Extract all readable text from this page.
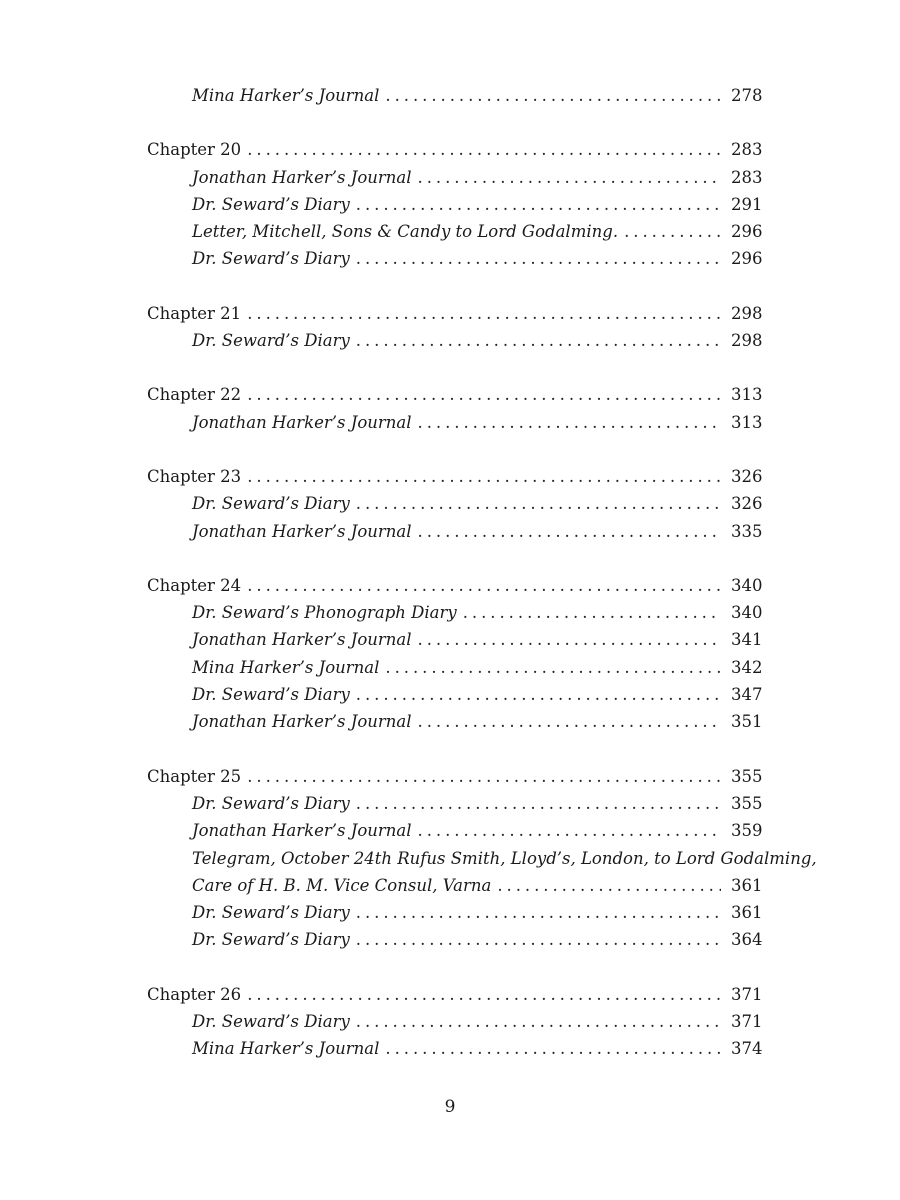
Mina Harker’s Journal . . .	278
Chapter 20 . . .	283
Jonathan Harker’s Journal . . .	283
Dr. Seward’s Diary . . .	291
Letter, Mitchell, Sons & Candy to Lord Godalming. . . .	296
Dr. Seward’s Diary . . .	296
Chapter 21 . . .	298
Dr. Seward’s Diary . . .	298
Chapter 22 . . .	313
Jonathan Harker’s Journal . . .	313
Chapter 23 . . .	326
Dr. Seward’s Diary . . .	326
Jonathan Harker’s Journal . . .	335
Chapter 24 . . .	340
Dr. Seward’s Phonograph Diary . . .	340
Jonathan Harker’s Journal . . .	341
Mina Harker’s Journal . . .	342
Dr. Seward’s Diary . . .	347
Jonathan Harker’s Journal . . .	351
Chapter 25 . . .	355
Dr. Seward’s Diary . . .	355
Jonathan Harker’s Journal . . .	359
Telegram, October 24th Rufus Smith, Lloyd’s, London, to Lord Godalming,
Care of H. B. M. Vice Consul, Varna . . .	361
Dr. Seward’s Diary . . .	361
Dr. Seward’s Diary . . .	364
Chapter 26 . . .	371
Dr. Seward’s Diary . . .	371
Mina Harker’s Journal . . .	374
9
